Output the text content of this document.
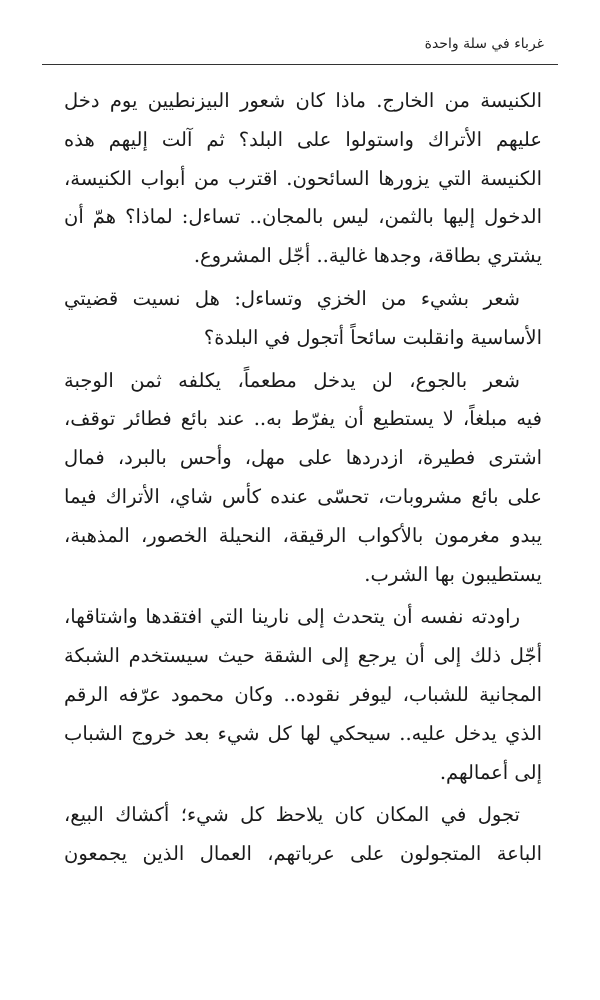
غرباء في سلة واحدة
الكنيسة من الخارج. ماذا كان شعور البيزنطيين يوم دخل
عليهم الأتراك واستولوا على البلد؟ ثم آلت إليهم هذه
الكنيسة التي يزورها السائحون. اقترب من أبواب الكنيسة،
الدخول إليها بالثمن، ليس بالمجان.. تساءل: لماذا؟ همّ أن
يشتري بطاقة، وجدها غالية.. أجّل المشروع.
شعر بشيء من الخزي وتساءل: هل نسيت قضيتي
الأساسية وانقلبت سائحاً أتجول في البلدة؟
شعر بالجوع، لن يدخل مطعماً، يكلفه ثمن الوجبة
فيه مبلغاً، لا يستطيع أن يفرّط به.. عند بائع فطائر توقف،
اشترى فطيرة، ازدردها على مهل، وأحس بالبرد، فمال
على بائع مشروبات، تحسّى عنده كأس شاي، الأتراك فيما
يبدو مغرمون بالأكواب الرقيقة، النحيلة الخصور، المذهبة،
يستطيبون بها الشرب.
راودته نفسه أن يتحدث إلى نارينا التي افتقدها واشتاقها،
أجّل ذلك إلى أن يرجع إلى الشقة حيث سيستخدم الشبكة
المجانية للشباب، ليوفر نقوده.. وكان محمود عرّفه الرقم
الذي يدخل عليه.. سيحكي لها كل شيء بعد خروج الشباب
إلى أعمالهم.
تجول في المكان كان يلاحظ كل شيء؛ أكشاك البيع،
الباعة المتجولون على عرباتهم، العمال الذين يجمعون
